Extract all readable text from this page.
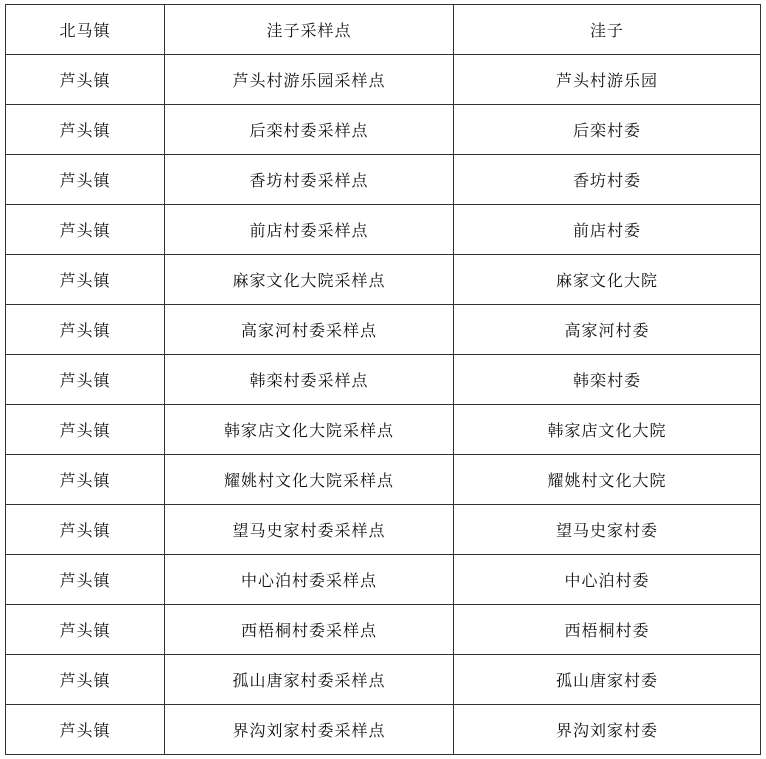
北马镇	洼子采样点	洼子
芦头镇	芦头村游乐园采样点	芦头村游乐园
芦头镇	后栾村委采样点	后栾村委
芦头镇	香坊村委采样点	香坊村委
芦头镇	前店村委采样点	前店村委
芦头镇	麻家文化大院采样点	麻家文化大院
芦头镇	高家河村委采样点	高家河村委
芦头镇	韩栾村委采样点	韩栾村委
芦头镇	韩家店文化大院采样点	韩家店文化大院
芦头镇	耀姚村文化大院采样点	耀姚村文化大院
芦头镇	望马史家村委采样点	望马史家村委
芦头镇	中心泊村委采样点	中心泊村委
芦头镇	西梧桐村委采样点	西梧桐村委
芦头镇	孤山唐家村委采样点	孤山唐家村委
芦头镇	界沟刘家村委采样点	界沟刘家村委
